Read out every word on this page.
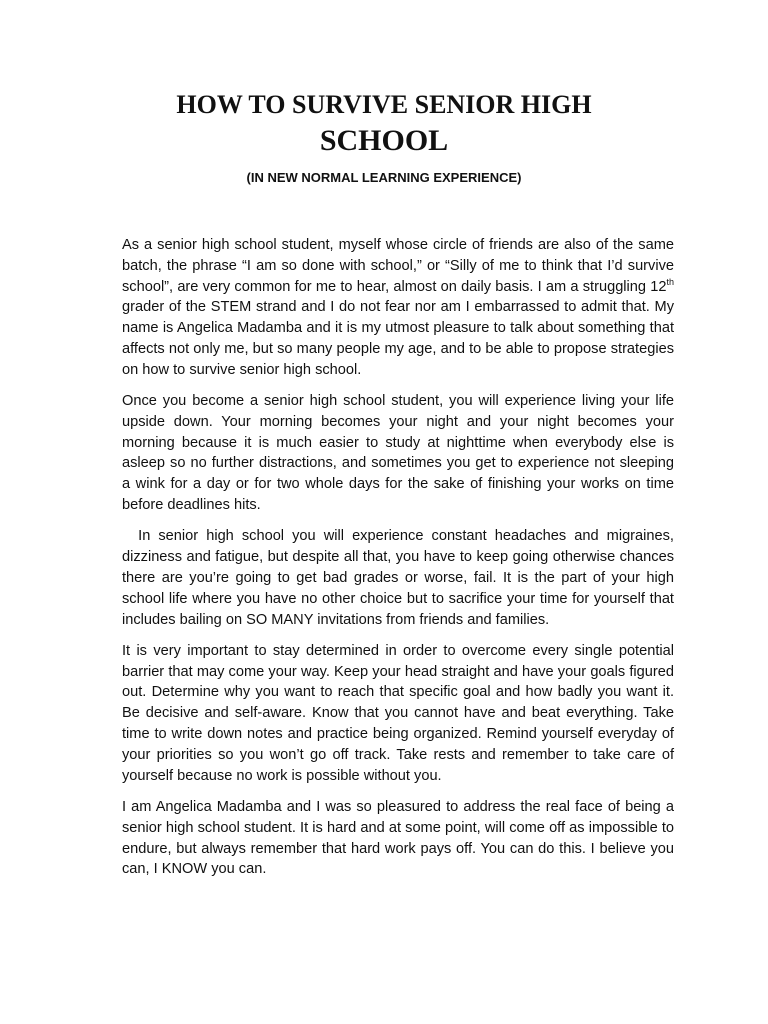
HOW TO SURVIVE SENIOR HIGH
SCHOOL

(IN NEW NORMAL LEARNING EXPERIENCE)

As a senior high school student, myself whose circle of friends are also of the same batch, the phrase “I am so done with school,” or “Silly of me to think that I’d survive school”, are very common for me to hear, almost on daily basis. I am a struggling 12th grader of the STEM strand and I do not fear nor am I embarrassed to admit that. My name is Angelica Madamba and it is my utmost pleasure to talk about something that affects not only me, but so many people my age, and to be able to propose strategies on how to survive senior high school.

Once you become a senior high school student, you will experience living your life upside down. Your morning becomes your night and your night becomes your morning because it is much easier to study at nighttime when everybody else is asleep so no further distractions, and sometimes you get to experience not sleeping a wink for a day or for two whole days for the sake of finishing your works on time before deadlines hits.

In senior high school you will experience constant headaches and migraines, dizziness and fatigue, but despite all that, you have to keep going otherwise chances there are you’re going to get bad grades or worse, fail. It is the part of your high school life where you have no other choice but to sacrifice your time for yourself that includes bailing on SO MANY invitations from friends and families.

It is very important to stay determined in order to overcome every single potential barrier that may come your way. Keep your head straight and have your goals figured out. Determine why you want to reach that specific goal and how badly you want it. Be decisive and self-aware. Know that you cannot have and beat everything. Take time to write down notes and practice being organized. Remind yourself everyday of your priorities so you won’t go off track. Take rests and remember to take care of yourself because no work is possible without you.

I am Angelica Madamba and I was so pleasured to address the real face of being a senior high school student. It is hard and at some point, will come off as impossible to endure, but always remember that hard work pays off. You can do this. I believe you can, I KNOW you can.
